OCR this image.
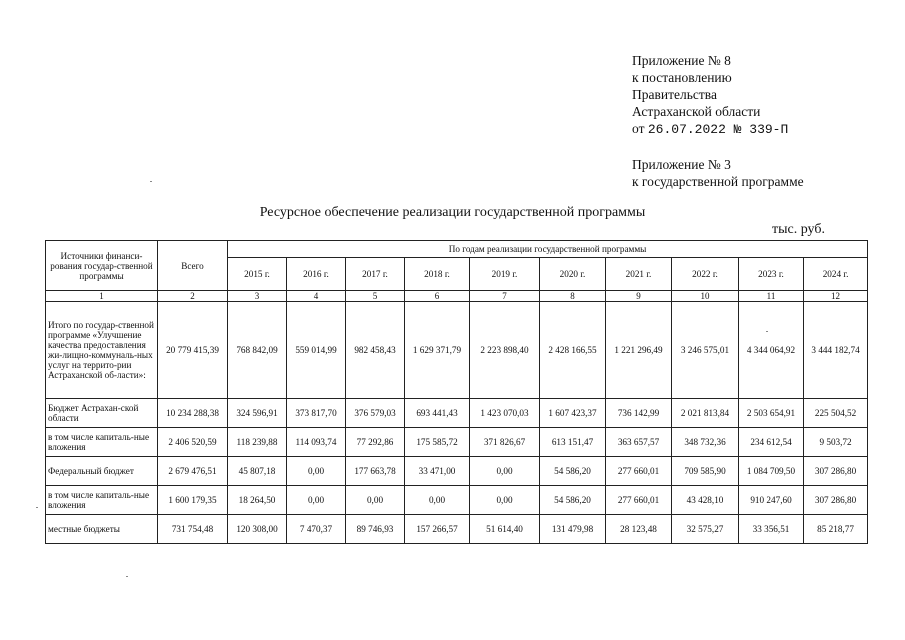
Приложение № 8
к постановлению
Правительства
Астраханской области
от 26.07.2022 № 339-П
Приложение № 3
к государственной программе
Ресурсное обеспечение реализации государственной программы
тыс. руб.
Источники финанси-рования государ-ственной программы	Всего	По годам реализации государственной программы									
		2015 г.	2016 г.	2017 г.	2018 г.	2019 г.	2020 г.	2021 г.	2022 г.	2023 г.	2024 г.
1	2	3	4	5	6	7	8	9	10	11	12
Итого по государ-ственной программе «Улучшение качества предоставления жи-лищно-коммуналь-ных услуг на террито-рии Астраханской об-ласти»:	20 779 415,39	768 842,09	559 014,99	982 458,43	1 629 371,79	2 223 898,40	2 428 166,55	1 221 296,49	3 246 575,01	4 344 064,92	3 444 182,74
Бюджет Астрахан-ской области	10 234 288,38	324 596,91	373 817,70	376 579,03	693 441,43	1 423 070,03	1 607 423,37	736 142,99	2 021 813,84	2 503 654,91	225 504,52
в том числе капиталь-ные вложения	2 406 520,59	118 239,88	114 093,74	77 292,86	175 585,72	371 826,67	613 151,47	363 657,57	348 732,36	234 612,54	9 503,72
Федеральный бюджет	2 679 476,51	45 807,18	0,00	177 663,78	33 471,00	0,00	54 586,20	277 660,01	709 585,90	1 084 709,50	307 286,80
в том числе капиталь-ные вложения	1 600 179,35	18 264,50	0,00	0,00	0,00	0,00	54 586,20	277 660,01	43 428,10	910 247,60	307 286,80
местные бюджеты	731 754,48	120 308,00	7 470,37	89 746,93	157 266,57	51 614,40	131 479,98	28 123,48	32 575,27	33 356,51	85 218,77
